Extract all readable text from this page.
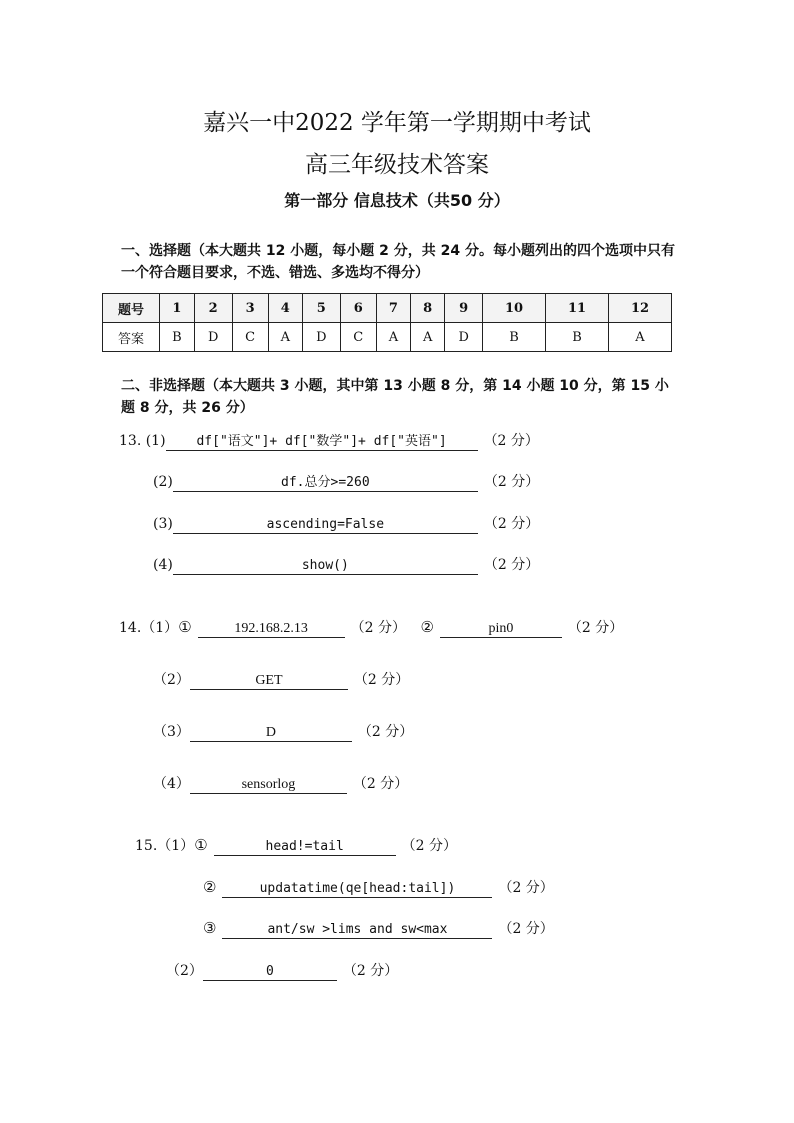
嘉兴一中2022 学年第一学期期中考试
高三年级技术答案
第一部分 信息技术（共50 分）
一、选择题（本大题共 12 小题，每小题 2 分，共 24 分。每小题列出的四个选项中只有一个符合题目要求，不选、错选、多选均不得分）
题号	1	2	3	4	5	6	7	8	9	10	11	12
答案	B	D	C	A	D	C	A	A	D	B	B	A
二、非选择题（本大题共 3 小题，其中第 13 小题 8 分，第 14 小题 10 分，第 15 小题 8 分，共 26 分）
13. (1) df["语文"]+ df["数学"]+ df["英语"]	（2 分）
(2)	df.总分>=260	（2 分）
(3)	ascending=False	（2 分）
(4)	show()	（2 分）
14.（1）①	192.168.2.13	（2 分） ②	pin0	（2 分）
（2）	GET	（2 分）
（3）	D	（2 分）
（4）	sensorlog	（2 分）
15.（1）①	head!=tail	（2 分）
②	updatatime(qe[head:tail])	（2 分）
③	ant/sw >lims and sw<max	（2 分）
（2）	0	（2 分）
